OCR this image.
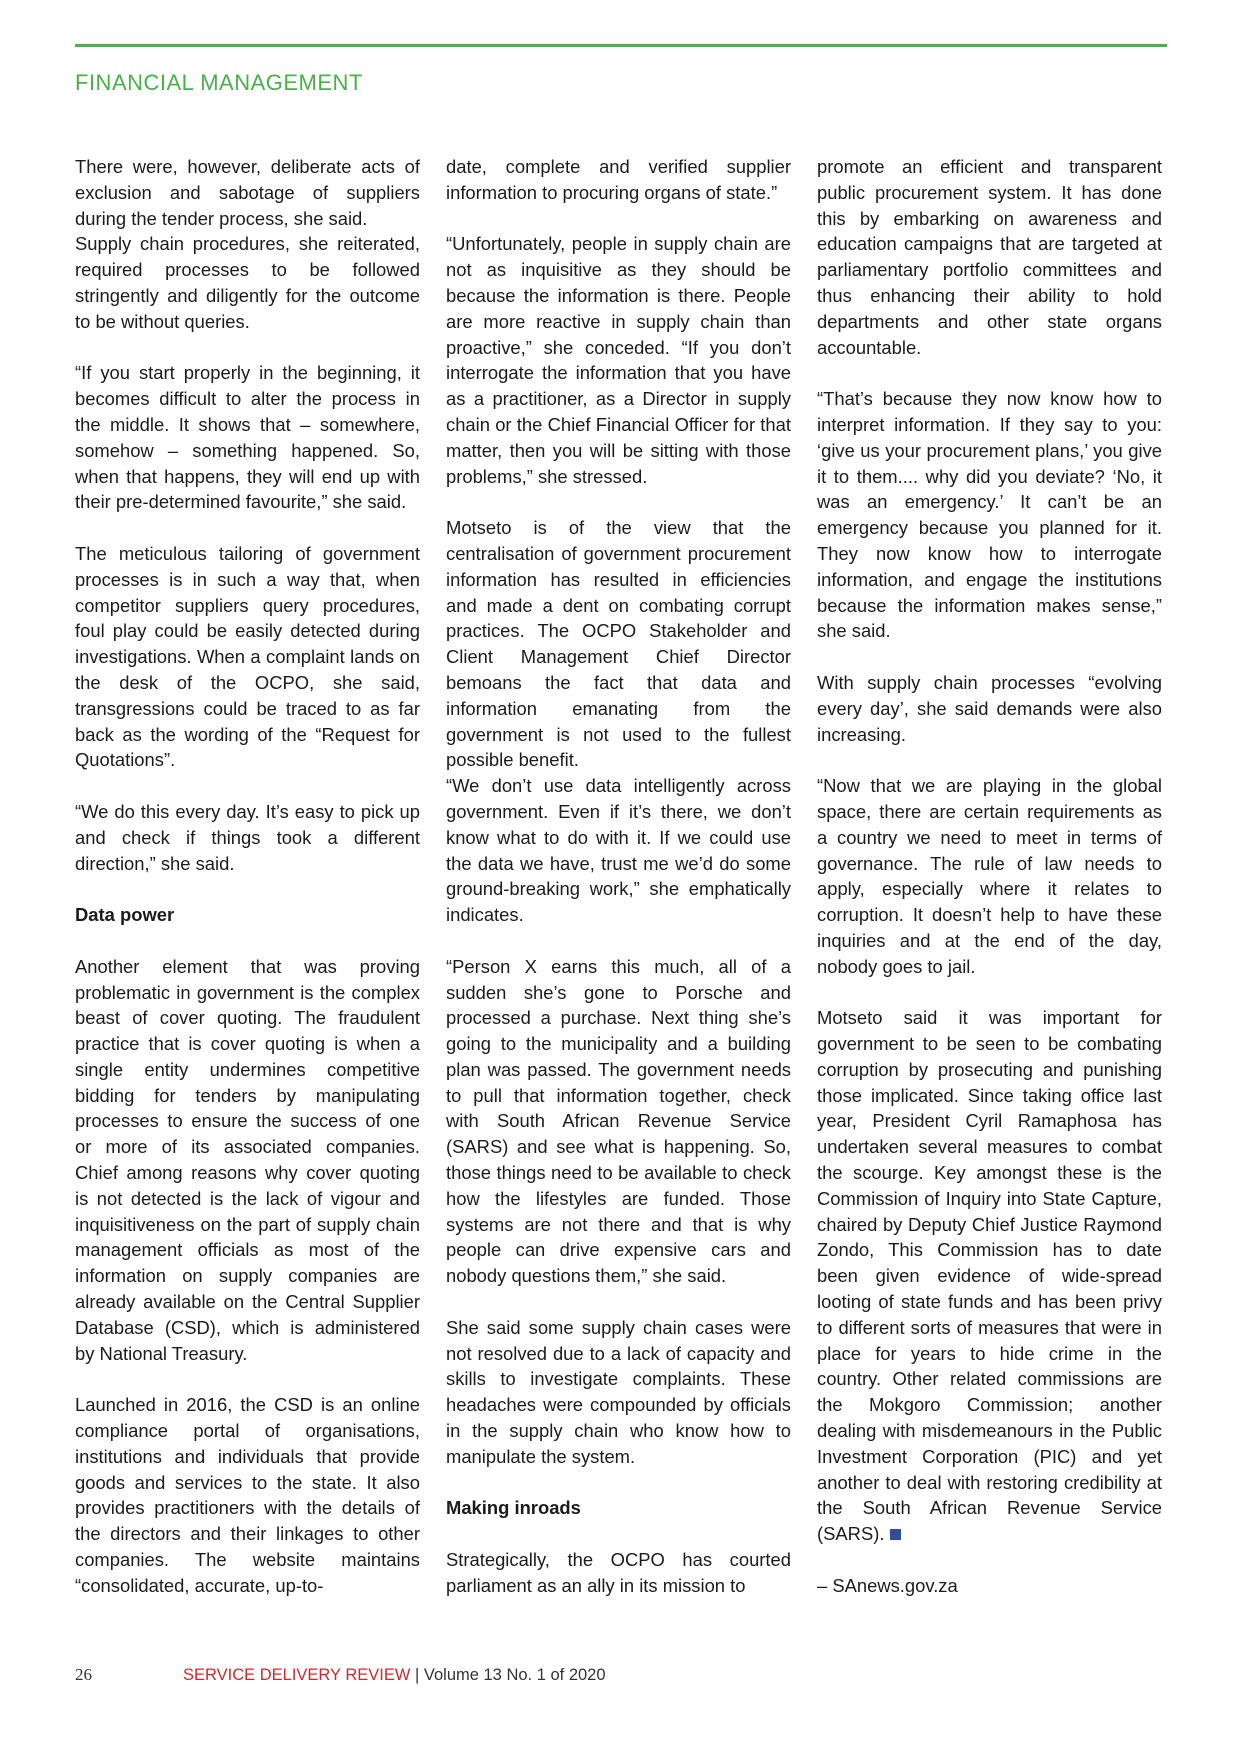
FINANCIAL MANAGEMENT

There were, however, deliberate acts of exclusion and sabotage of suppliers during the tender process, she said.

Supply chain procedures, she reiterated, required processes to be followed stringently and diligently for the outcome to be without queries.

“If you start properly in the beginning, it becomes difficult to alter the process in the middle. It shows that – somewhere, somehow – something happened. So, when that happens, they will end up with their pre-determined favourite,” she said.

The meticulous tailoring of government processes is in such a way that, when competitor suppliers query procedures, foul play could be easily detected during investigations. When a complaint lands on the desk of the OCPO, she said, transgressions could be traced to as far back as the wording of the “Request for Quotations”.

“We do this every day. It’s easy to pick up and check if things took a different direction,” she said.

Data power

Another element that was proving problematic in government is the complex beast of cover quoting. The fraudulent practice that is cover quoting is when a single entity undermines competitive bidding for tenders by manipulating processes to ensure the success of one or more of its associated companies. Chief among reasons why cover quoting is not detected is the lack of vigour and inquisitiveness on the part of supply chain management officials as most of the information on supply companies are already available on the Central Supplier Database (CSD), which is administered by National Treasury.

Launched in 2016, the CSD is an online compliance portal of organisations, institutions and individuals that provide goods and services to the state. It also provides practitioners with the details of the directors and their linkages to other companies. The website maintains “consolidated, accurate, up-to-

date, complete and verified supplier information to procuring organs of state.”

“Unfortunately, people in supply chain are not as inquisitive as they should be because the information is there. People are more reactive in supply chain than proactive,” she conceded. “If you don’t interrogate the information that you have as a practitioner, as a Director in supply chain or the Chief Financial Officer for that matter, then you will be sitting with those problems,” she stressed.

Motseto is of the view that the centralisation of government procurement information has resulted in efficiencies and made a dent on combating corrupt practices. The OCPO Stakeholder and Client Management Chief Director bemoans the fact that data and information emanating from the government is not used to the fullest possible benefit.

“We don’t use data intelligently across government. Even if it’s there, we don’t know what to do with it. If we could use the data we have, trust me we’d do some ground-breaking work,” she emphatically indicates.

“Person X earns this much, all of a sudden she’s gone to Porsche and processed a purchase. Next thing she’s going to the municipality and a building plan was passed. The government needs to pull that information together, check with South African Revenue Service (SARS) and see what is happening. So, those things need to be available to check how the lifestyles are funded. Those systems are not there and that is why people can drive expensive cars and nobody questions them,” she said.

She said some supply chain cases were not resolved due to a lack of capacity and skills to investigate complaints. These headaches were compounded by officials in the supply chain who know how to manipulate the system.

Making inroads

Strategically, the OCPO has courted parliament as an ally in its mission to

promote an efficient and transparent public procurement system. It has done this by embarking on awareness and education campaigns that are targeted at parliamentary portfolio committees and thus enhancing their ability to hold departments and other state organs accountable.

“That’s because they now know how to interpret information. If they say to you: ‘give us your procurement plans,’ you give it to them.... why did you deviate? ‘No, it was an emergency.’ It can’t be an emergency because you planned for it. They now know how to interrogate information, and engage the institutions because the information makes sense,” she said.

With supply chain processes “evolving every day’, she said demands were also increasing.

“Now that we are playing in the global space, there are certain requirements as a country we need to meet in terms of governance. The rule of law needs to apply, especially where it relates to corruption. It doesn’t help to have these inquiries and at the end of the day, nobody goes to jail.

Motseto said it was important for government to be seen to be combating corruption by prosecuting and punishing those implicated. Since taking office last year, President Cyril Ramaphosa has undertaken several measures to combat the scourge. Key amongst these is the Commission of Inquiry into State Capture, chaired by Deputy Chief Justice Raymond Zondo, This Commission has to date been given evidence of wide-spread looting of state funds and has been privy to different sorts of measures that were in place for years to hide crime in the country. Other related commissions are the Mokgoro Commission; another dealing with misdemeanours in the Public Investment Corporation (PIC) and yet another to deal with restoring credibility at the South African Revenue Service (SARS).

– SAnews.gov.za

26	SERVICE DELIVERY REVIEW | Volume 13 No. 1 of 2020
